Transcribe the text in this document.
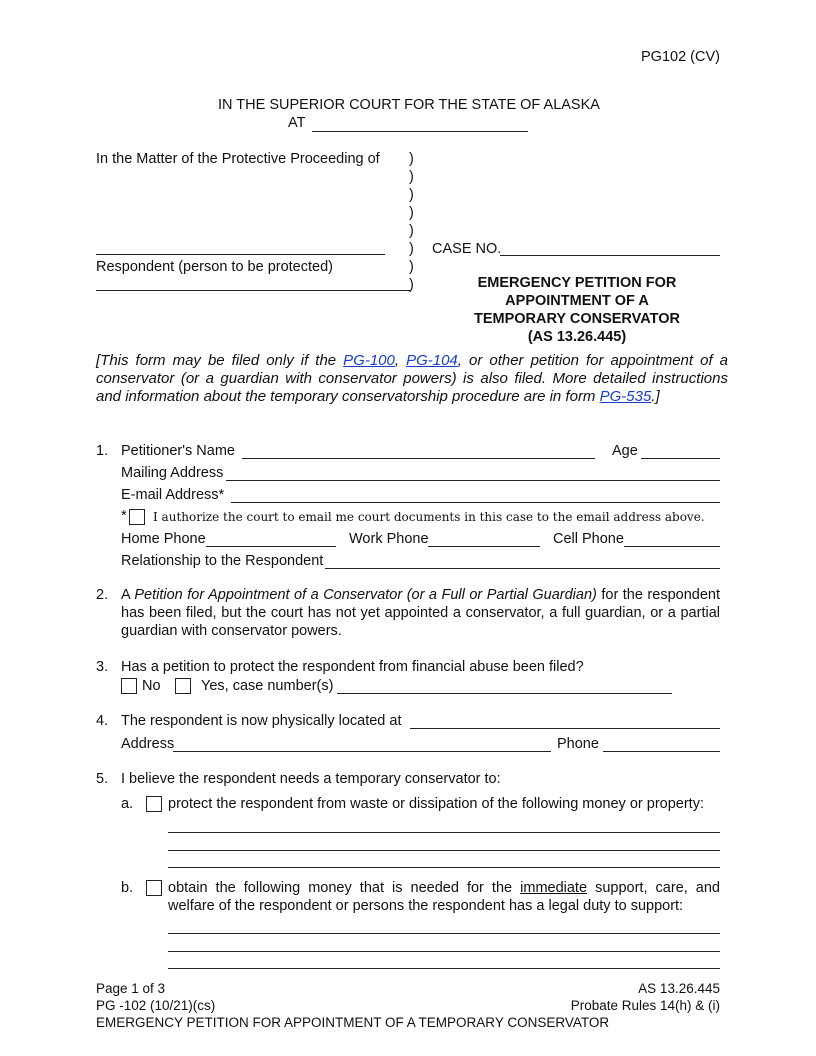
PG102 (CV)
IN THE SUPERIOR COURT FOR THE STATE OF ALASKA
AT
In the Matter of the Protective Proceeding of )
)
)
)
)
)
)
)
Respondent (person to be protected)
CASE NO.
EMERGENCY PETITION FOR
APPOINTMENT OF A
TEMPORARY CONSERVATOR
(AS 13.26.445)
[This form may be filed only if the PG-100, PG-104, or other petition for appointment of a conservator (or a guardian with conservator powers) is also filed. More detailed instructions and information about the temporary conservatorship procedure are in form PG-535.]
1. Petitioner's Name	Age
Mailing Address
E-mail Address*
* I authorize the court to email me court documents in this case to the email address above.
Home Phone	Work Phone	Cell Phone
Relationship to the Respondent
2. A Petition for Appointment of a Conservator (or a Full or Partial Guardian) for the respondent has been filed, but the court has not yet appointed a conservator, a full guardian, or a partial guardian with conservator powers.
3. Has a petition to protect the respondent from financial abuse been filed?
No	Yes, case number(s)
4. The respondent is now physically located at
Address	Phone
5. I believe the respondent needs a temporary conservator to:
a. protect the respondent from waste or dissipation of the following money or property:
b. obtain the following money that is needed for the immediate support, care, and welfare of the respondent or persons the respondent has a legal duty to support:
Page 1 of 3	AS 13.26.445
PG -102 (10/21)(cs)	Probate Rules 14(h) & (i)
EMERGENCY PETITION FOR APPOINTMENT OF A TEMPORARY CONSERVATOR
